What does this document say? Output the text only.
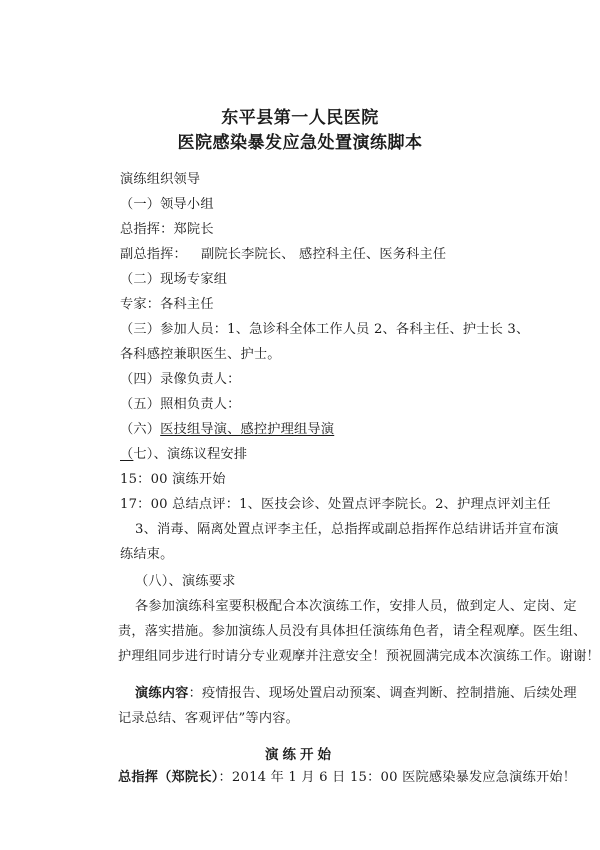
东平县第一人民医院
医院感染暴发应急处置演练脚本
演练组织领导
（一）领导小组
总指挥：郑院长
副总指挥： 副院长李院长、 感控科主任、医务科主任
（二）现场专家组
专家：各科主任
（三）参加人员：1、急诊科全体工作人员 2、各科主任、护士长 3、
各科感控兼职医生、护士。
（四）录像负责人：
（五）照相负责人：
（六）医技组导演、感控护理组导演
（七）、演练议程安排
15：00 演练开始
17：00 总结点评：1、医技会诊、处置点评李院长。2、护理点评刘主任
3、消毒、隔离处置点评李主任，总指挥或副总指挥作总结讲话并宣布演
练结束。
（八）、演练要求
各参加演练科室要积极配合本次演练工作，安排人员，做到定人、定岗、定
责，落实措施。参加演练人员没有具体担任演练角色者，请全程观摩。医生组、
护理组同步进行时请分专业观摩并注意安全！预祝圆满完成本次演练工作。谢谢！
演练内容：疫情报告、现场处置启动预案、调查判断、控制措施、后续处理
记录总结、客观评估”等内容。
演练开始
总指挥（郑院长）：2014 年 1 月 6 日 15：00 医院感染暴发应急演练开始！
